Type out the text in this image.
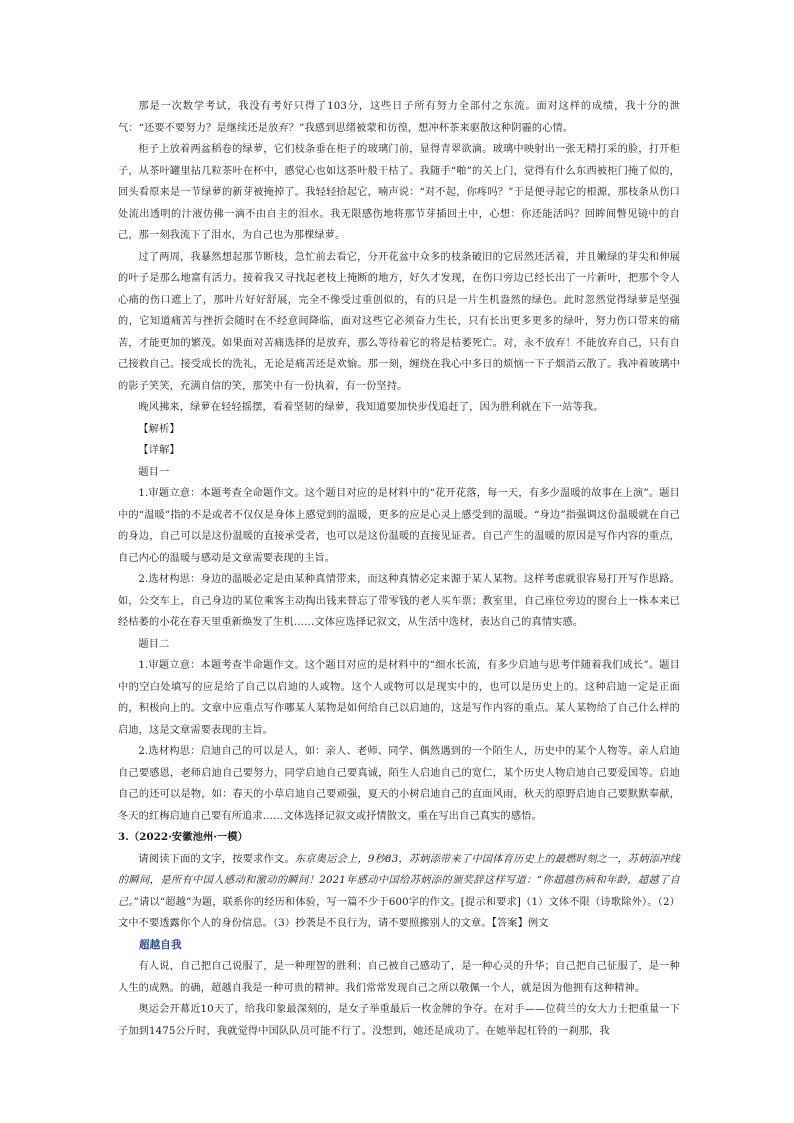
那是一次数学考试，我没有考好只得了103分，这些日子所有努力全部付之东流。面对这样的成绩，我十分的泄气：“还要不要努力？是继续还是放弃？”我感到思绪被蒙和彷徨，想冲杯茶来驱散这种阴霾的心情。

柜子上放着两盆稻卷的绿萝，它们枝条垂在柜子的玻璃门前，显得青翠欲滴。玻璃中映射出一张无精打采的脸，打开柜子，从茶叶罐里拈几粒茶叶在杯中，感觉心也如这茶叶般干枯了。我随手“啪”的关上门，觉得有什么东西被柜门掩了似的，回头看原来是一节绿萝的新芽被掩掉了。我轻轻拾起它，喃声说：“对不起，你疼吗？”于是便寻起它的根源，那枝条从伤口处流出透明的汁液仿佛一滴不由自主的泪水。我无限感伤地将那节芽插回土中，心想：你还能活吗？回眸间瞥见镜中的自己，那一刻我流下了泪水，为自己也为那棵绿萝。

过了两周，我暴然想起那节断枝，急忙前去看它，分开花盆中众多的枝条破旧的它居然还活着，并且嫩绿的芽尖和伸展的叶子是那么地富有活力。接着我又寻找起老枝上掩断的地方，好久才发现，在伤口旁边已经长出了一片新叶，把那个令人心痛的伤口遮上了，那叶片好好舒展，完全不像受过重创似的，有的只是一片生机盎然的绿色。此时忽然觉得绿萝是坚强的，它知道痛苦与挫折会随时在不经意间降临，面对这些它必须奋力生长，只有长出更多更多的绿叶，努力伤口带来的痛苦，才能更加的繁茂。如果面对苦痛选择的是放弃，那么等待着它的将是枯萎死亡。对，永不放弃！不能放弃自己，只有自己接救自己。接受成长的洗礼，无论是痛苦还是欢愉。那一刻，缠绕在我心中多日的烦恼一下子烟消云散了。我冲着玻璃中的影子笑笑，充满自信的笑，那笑中有一份执着，有一份坚持。

晚风拂来，绿萝在轻轻摇摆，看着坚韧的绿萝，我知道要加快步伐追赶了，因为胜利就在下一站等我。

【解析】

【详解】

题目一

1.审题立意：本题考查全命题作文。这个题目对应的是材料中的“花开花落，每一天，有多少温暖的故事在上演”。题目中的“温暖”指的不是或者不仅仅是身体上感觉到的温暖，更多的应是心灵上感受到的温暖。“身边”指强调这份温暖就在自己的身边，自己可以是这份温暖的直接承受者，也可以是这份温暖的直接见证者。自己产生的温暖的原因是写作内容的重点，自己内心的温暖与感动是文章需要表现的主旨。

2.选材构思：身边的温暖必定是由某种真情带来，而这种真情必定来源于某人某物。这样考虑就很容易打开写作思路。如，公交车上，自己身边的某位乘客主动掏出钱来替忘了带零钱的老人买车票；教室里，自己座位旁边的窗台上一株本来已经枯萎的小花在春天里重新焕发了生机……文体应选择记叙文，从生活中选材，表达自己的真情实感。

题目二

1.审题立意：本题考查半命题作文。这个题目对应的是材料中的“细水长流，有多少启迪与思考伴随着我们成长”。题目中的空白处填写的应是给了自己以启迪的人或物。这个人或物可以是现实中的，也可以是历史上的。这种启迪一定是正面的，积极向上的。文章中应重点写作哪某人某物是如何给自己以启迪的，这是写作内容的重点。某人某物给了自己什么样的启迪，这是文章需要表现的主旨。

2.选材构思：启迪自己的可以是人，如：亲人、老师、同学、偶然遇到的一个陌生人，历史中的某个人物等。亲人启迪自己要感恩，老师启迪自己要努力，同学启迪自己要真诚，陌生人启迪自己的宽仁，某个历史人物启迪自己要爱国等。启迪自己的还可以是物，如：春天的小草启迪自己要顽强，夏天的小树启迪自己的直面风雨，秋天的原野启迪自己要默默奉献，冬天的红梅启迪自己要有所追求……文体选择记叙文或抒情散文，重在写出自己真实的感悟。

3.（2022·安徽池州·一模）

请阅读下面的文字，按要求作文。东京奥运会上，9秒83，苏炳添带来了中国体育历史上的最燃时刻之一，苏炳添冲线的瞬间，是所有中国人感动和激动的瞬间！2021年感动中国给苏炳添的颁奖辞这样写道：“你超越伤病和年龄，超越了自己。”请以“超越”为题，联系你的经历和体验，写一篇不少于600字的作文。[提示和要求]（1）文体不限（诗歌除外）。（2）文中不要透露你个人的身份信息。（3）抄袭是不良行为，请不要照搬别人的文章。【答案】例文

超越自我

有人说，自己把自己说服了，是一种理智的胜利；自己被自己感动了，是一种心灵的升华；自己把自己征服了，是一种人生的成熟。的确，超越自我是一种可贵的精神。我们常常发现自己之所以敬佩一个人，就是因为他拥有这种精神。

奥运会开幕近10天了，给我印象最深刻的，是女子举重最后一枚金牌的争夺。在对手——位荷兰的女大力士把重量一下子加到1475公斤时，我就觉得中国队队员可能不行了。没想到，她还是成功了。在她举起杠铃的一刹那，我
